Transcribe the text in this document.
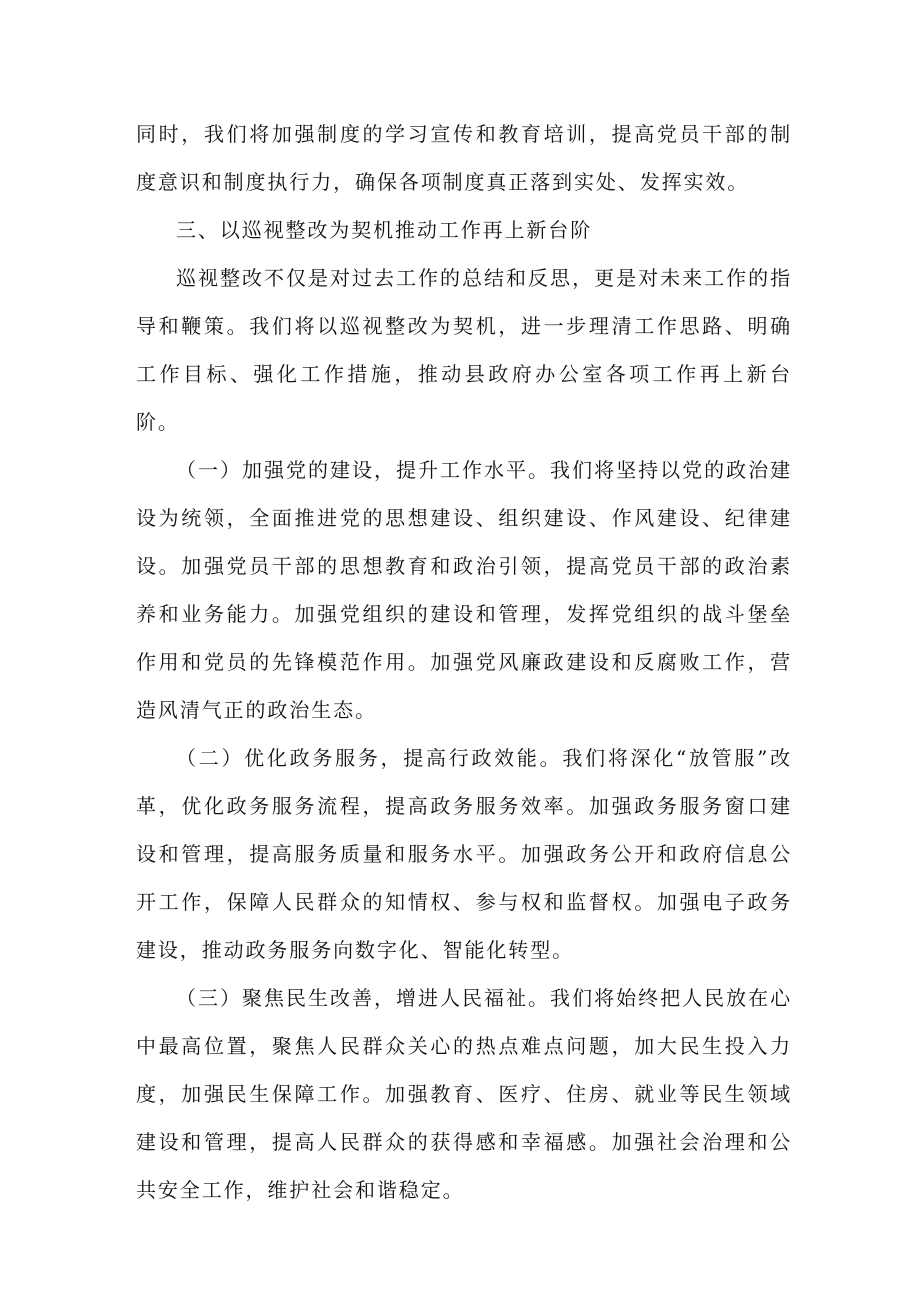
同时，我们将加强制度的学习宣传和教育培训，提高党员干部的制度意识和制度执行力，确保各项制度真正落到实处、发挥实效。

三、以巡视整改为契机推动工作再上新台阶

巡视整改不仅是对过去工作的总结和反思，更是对未来工作的指导和鞭策。我们将以巡视整改为契机，进一步理清工作思路、明确工作目标、强化工作措施，推动县政府办公室各项工作再上新台阶。

（一）加强党的建设，提升工作水平。我们将坚持以党的政治建设为统领，全面推进党的思想建设、组织建设、作风建设、纪律建设。加强党员干部的思想教育和政治引领，提高党员干部的政治素养和业务能力。加强党组织的建设和管理，发挥党组织的战斗堡垒作用和党员的先锋模范作用。加强党风廉政建设和反腐败工作，营造风清气正的政治生态。

（二）优化政务服务，提高行政效能。我们将深化“放管服”改革，优化政务服务流程，提高政务服务效率。加强政务服务窗口建设和管理，提高服务质量和服务水平。加强政务公开和政府信息公开工作，保障人民群众的知情权、参与权和监督权。加强电子政务建设，推动政务服务向数字化、智能化转型。

（三）聚焦民生改善，增进人民福祉。我们将始终把人民放在心中最高位置，聚焦人民群众关心的热点难点问题，加大民生投入力度，加强民生保障工作。加强教育、医疗、住房、就业等民生领域建设和管理，提高人民群众的获得感和幸福感。加强社会治理和公共安全工作，维护社会和谐稳定。
